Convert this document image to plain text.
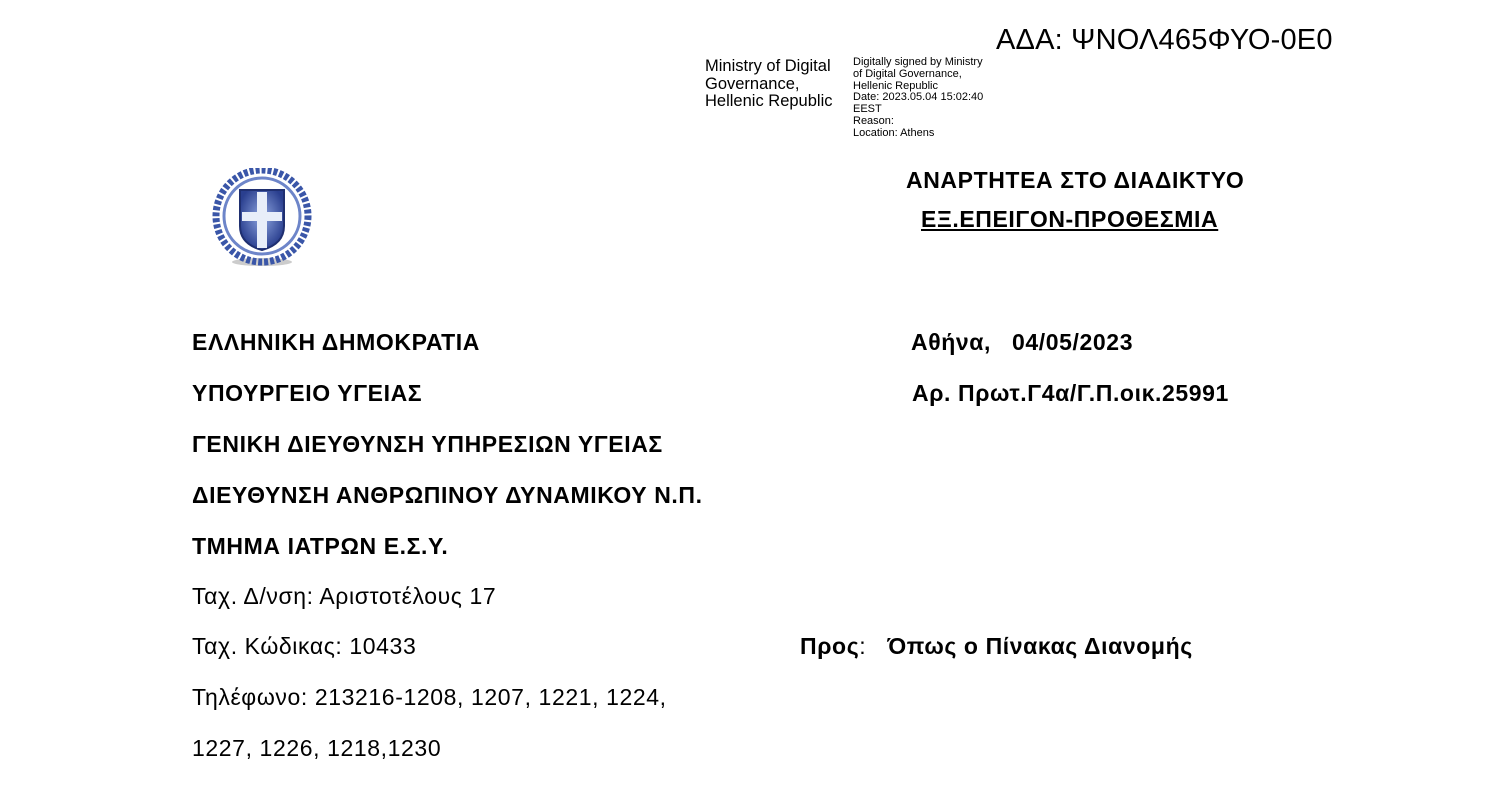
ΑΔΑ: ΨΝΟΛ465ΦΥΟ-0Ε0
Ministry of Digital
Governance,
Hellenic Republic
Digitally signed by Ministry
of Digital Governance,
Hellenic Republic
Date: 2023.05.04 15:02:40
EEST
Reason:
Location: Athens
ΑΝΑΡΤΗΤΕΑ ΣΤΟ ΔΙΑΔΙΚΤΥΟ
ΕΞ.ΕΠΕΙΓΟΝ-ΠΡΟΘΕΣΜΙΑ
ΕΛΛΗΝΙΚΗ ΔΗΜΟΚΡΑΤΙΑ
ΥΠΟΥΡΓΕΙΟ ΥΓΕΙΑΣ
ΓΕΝΙΚΗ ΔΙΕΥΘΥΝΣΗ ΥΠΗΡΕΣΙΩΝ ΥΓΕΙΑΣ
ΔΙΕΥΘΥΝΣΗ ΑΝΘΡΩΠΙΝΟΥ ΔΥΝΑΜΙΚΟΥ Ν.Π.
ΤΜΗΜΑ ΙΑΤΡΩΝ Ε.Σ.Υ.
Ταχ. Δ/νση: Αριστοτέλους 17
Ταχ. Κώδικας: 10433
Τηλέφωνο: 213216-1208, 1207, 1221, 1224,
1227, 1226, 1218,1230
Αθήνα,   04/05/2023
Αρ. Πρωτ.Γ4α/Γ.Π.οικ.25991
Προς:   Όπως ο Πίνακας Διανομής
